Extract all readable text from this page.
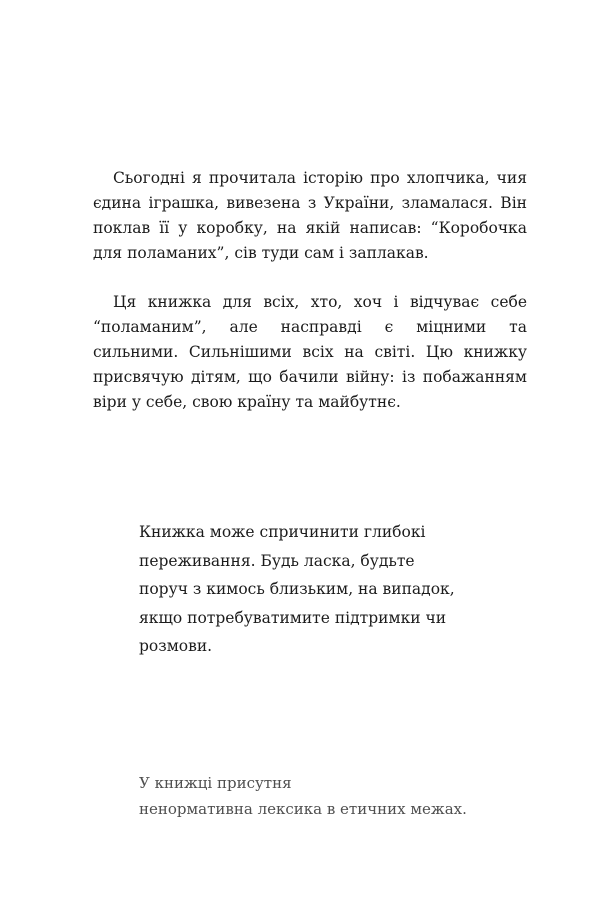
Сьогодні я прочитала історію про хлопчика, чия єдина іграшка, вивезена з України, зламалася. Він поклав її у коробку, на якій написав: “Коробочка для поламаних”, сів туди сам і заплакав.

Ця книжка для всіх, хто, хоч і відчуває себе “поламаним”, але насправді є міцними та сильними. Сильнішими всіх на світі. Цю книжку присвячую дітям, що бачили війну: із побажанням віри у себе, свою країну та майбутнє.

Книжка може спричинити глибокі
переживання. Будь ласка, будьте
поруч з кимось близьким, на випадок,
якщо потребуватимите підтримки чи
розмови.
У книжці присутня
ненормативна лексика в етичних межах.
